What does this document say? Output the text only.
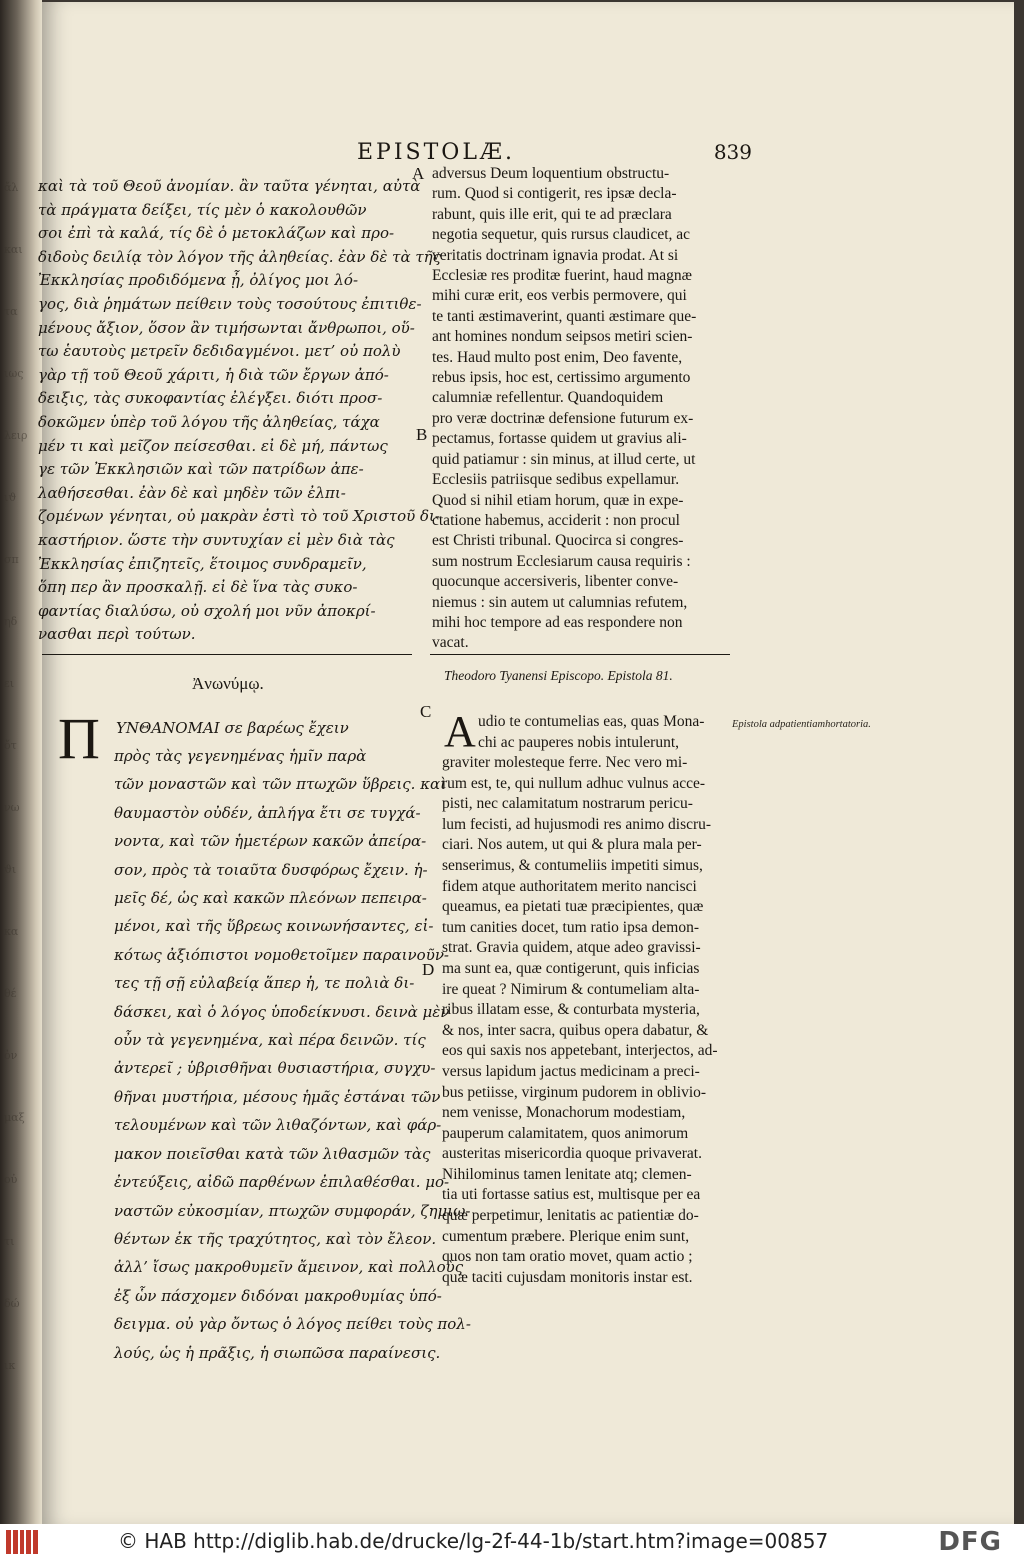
ἄλ
και
τα
ιως
λειρ
ιϑ
σπ
ηδ
ει
ὄτ
νω
ϑι
κα
θέ
ὀν
μαξ
οὐ
τι
δώ
ικ
EPISTOLÆ.	839
καὶ τὰ τοῦ Θεοῦ ἀνομίαν. ἂν ταῦτα γένηται, αὐτὰ
τὰ πράγματα δείξει, τίς μὲν ὁ κακολουθῶν
σοι ἐπὶ τὰ καλά, τίς δὲ ὁ μετοκλάζων καὶ προ-
διδοὺς δειλίᾳ τὸν λόγον τῆς ἀληθείας. ἐὰν δὲ τὰ τῆς
Ἐκκλησίας προδιδόμενα ᾖ, ὀλίγος μοι λό-
γος, διὰ ῥημάτων πείθειν τοὺς τοσούτους ἐπιτιθε-
μένους ἄξιον, ὅσον ἂν τιμήσωνται ἄνθρωποι, οὕ-
τω ἑαυτοὺς μετρεῖν δεδιδαγμένοι. μετ’ οὐ πολὺ
γὰρ τῇ τοῦ Θεοῦ χάριτι, ἡ διὰ τῶν ἔργων ἀπό-
δειξις, τὰς συκοφαντίας ἐλέγξει. διότι προσ-
δοκῶμεν ὑπὲρ τοῦ λόγου τῆς ἀληθείας, τάχα
μέν τι καὶ μεῖζον πείσεσθαι. εἰ δὲ μή, πάντως
γε τῶν Ἐκκλησιῶν καὶ τῶν πατρίδων ἀπε-
λαθήσεσθαι. ἐὰν δὲ καὶ μηδὲν τῶν ἐλπι-
ζομένων γένηται, οὐ μακρὰν ἐστὶ τὸ τοῦ Χριστοῦ δι-
καστήριον. ὥστε τὴν συντυχίαν εἰ μὲν διὰ τὰς
Ἐκκλησίας ἐπιζητεῖς, ἕτοιμος συνδραμεῖν,
ὅπη περ ἂν προσκαλῇ. εἰ δὲ ἵνα τὰς συκο-
φαντίας διαλύσω, οὐ σχολή μοι νῦν ἀποκρί-
νασθαι περὶ τούτων.
A
B
adversus Deum loquentium obstructu-
rum. Quod si contigerit, res ipsæ decla-
rabunt, quis ille erit, qui te ad præclara
negotia sequetur, quis rursus claudicet, ac
veritatis doctrinam ignavia prodat. At si
Ecclesiæ res proditæ fuerint, haud magnæ
mihi curæ erit, eos verbis permovere, qui
te tanti æstimaverint, quanti æstimare que-
ant homines nondum seipsos metiri scien-
tes. Haud multo post enim, Deo favente,
rebus ipsis, hoc est, certissimo argumento
calumniæ refellentur. Quandoquidem
pro veræ doctrinæ defensione futurum ex-
pectamus, fortasse quidem ut gravius ali-
quid patiamur : sin minus, at illud certe, ut
Ecclesiis patriisque sedibus expellamur.
Quod si nihil etiam horum, quæ in expe-
ctatione habemus, acciderit : non procul
est Christi tribunal. Quocirca si congres-
sum nostrum Ecclesiarum causa requiris :
quocunque accersiveris, libenter conve-
niemus : sin autem ut calumnias refutem,
mihi hoc tempore ad eas respondere non
vacat.
Ἀνωνύμῳ.	Theodoro Tyanensi Episcopo. Epistola 81.
C
D
Π ΥΝΘΑΝΟΜΑΙ σε βαρέως ἔχειν
πρὸς τὰς γεγενημένας ἡμῖν παρὰ
τῶν μοναστῶν καὶ τῶν πτωχῶν ὕβρεις. καὶ
θαυμαστὸν οὐδέν, ἀπλήγα ἔτι σε τυγχά-
νοντα, καὶ τῶν ἡμετέρων κακῶν ἀπείρα-
σον, πρὸς τὰ τοιαῦτα δυσφόρως ἔχειν. ἡ-
μεῖς δέ, ὡς καὶ κακῶν πλεόνων πεπειρα-
μένοι, καὶ τῆς ὕβρεως κοινωνήσαντες, εἰ-
κότως ἀξιόπιστοι νομοθετοῖμεν παραινοῦν-
τες τῇ σῇ εὐλαβείᾳ ἅπερ ἡ, τε πολιὰ δι-
δάσκει, καὶ ὁ λόγος ὑποδείκνυσι. δεινὰ μὲν
οὖν τὰ γεγενημένα, καὶ πέρα δεινῶν. τίς
ἀντερεῖ ; ὑβρισθῆναι θυσιαστήρια, συγχυ-
θῆναι μυστήρια, μέσους ἡμᾶς ἑστάναι τῶν
τελουμένων καὶ τῶν λιθαζόντων, καὶ φάρ-
μακον ποιεῖσθαι κατὰ τῶν λιθασμῶν τὰς
ἐντεύξεις, αἰδῶ παρθένων ἐπιλαθέσθαι. μο-
ναστῶν εὐκοσμίαν, πτωχῶν συμφοράν, ζημιω-
θέντων ἐκ τῆς τραχύτητος, καὶ τὸν ἔλεον.
ἀλλ’ ἴσως μακροθυμεῖν ἄμεινον, καὶ πολλοὺς
ἐξ ὧν πάσχομεν διδόναι μακροθυμίας ὑπό-
δειγμα. οὐ γὰρ ὄντως ὁ λόγος πείθει τοὺς πολ-
λούς, ὡς ἡ πρᾶξις, ἡ σιωπῶσα παραίνεσις.
A udio te contumelias eas, quas Mona-
chi ac pauperes nobis intulerunt,
graviter molesteque ferre. Nec vero mi-
rum est, te, qui nullum adhuc vulnus acce-
pisti, nec calamitatum nostrarum pericu-
lum fecisti, ad hujusmodi res animo discru-
ciari. Nos autem, ut qui & plura mala per-
senserimus, & contumeliis impetiti simus,
fidem atque authoritatem merito nancisci
queamus, ea pietati tuæ præcipientes, quæ
tum canities docet, tum ratio ipsa demon-
strat. Gravia quidem, atque adeo gravissi-
ma sunt ea, quæ contigerunt, quis inficias
ire queat ? Nimirum & contumeliam alta-
ribus illatam esse, & conturbata mysteria,
& nos, inter sacra, quibus opera dabatur, &
eos qui saxis nos appetebant, interjectos, ad-
versus lapidum jactus medicinam a preci-
bus petiisse, virginum pudorem in oblivio-
nem venisse, Monachorum modestiam,
pauperum calamitatem, quos animorum
austeritas misericordia quoque privaverat.
Nihilominus tamen lenitate atq; clemen-
tia uti fortasse satius est, multisque per ea
quæ perpetimur, lenitatis ac patientiæ do-
cumentum præbere. Plerique enim sunt,
quos non tam oratio movet, quam actio ;
quæ taciti cujusdam monitoris instar est.
Epistola adpatientiamhortatoria.
© HAB http://diglib.hab.de/drucke/lg-2f-44-1b/start.htm?image=00857	DFG
